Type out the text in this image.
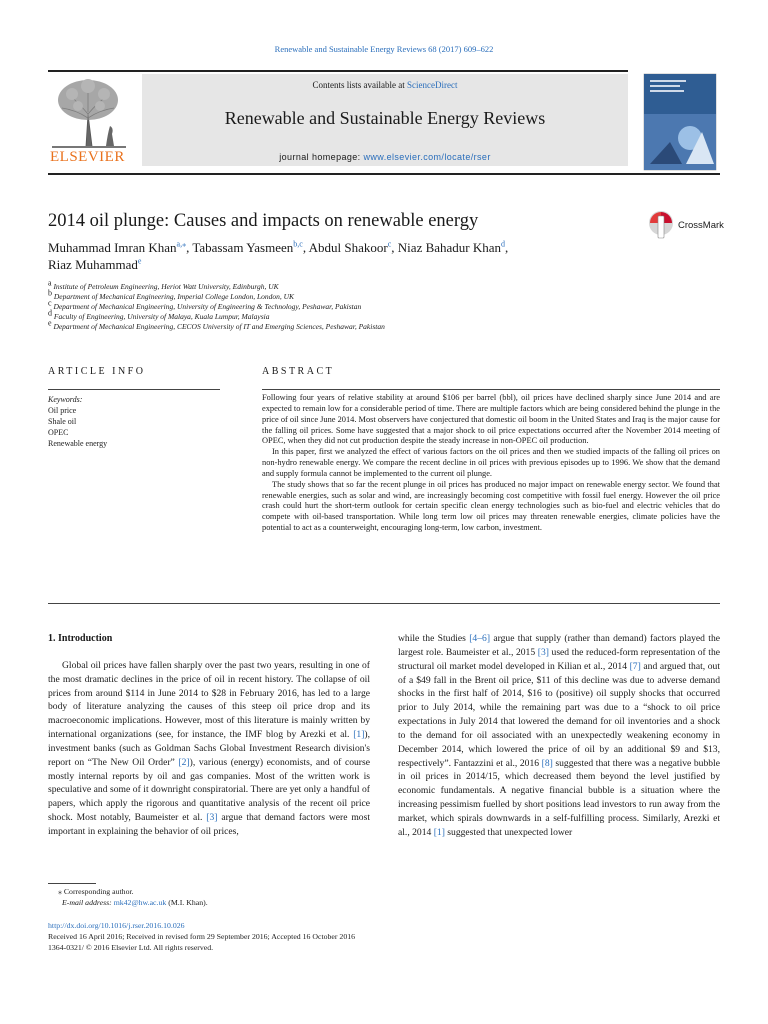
Renewable and Sustainable Energy Reviews 68 (2017) 609–622
ELSEVIER
Contents lists available at ScienceDirect
Renewable and Sustainable Energy Reviews
journal homepage: www.elsevier.com/locate/rser
2014 oil plunge: Causes and impacts on renewable energy	CrossMark
Muhammad Imran Khan$^{a,⁎}$, Tabassam Yasmeen$^{b,c}$, Abdul Shakoor$^c$, Niaz Bahadur Khan$^d$,
Riaz Muhammad$^e$
$^a$ Institute of Petroleum Engineering, Heriot Watt University, Edinburgh, UK
$^b$ Department of Mechanical Engineering, Imperial College London, London, UK
$^c$ Department of Mechanical Engineering, University of Engineering & Technology, Peshawar, Pakistan
$^d$ Faculty of Engineering, University of Malaya, Kuala Lumpur, Malaysia
$^e$ Department of Mechanical Engineering, CECOS University of IT and Emerging Sciences, Peshawar, Pakistan
ARTICLE INFO	ABSTRACT
Keywords:
Oil price
Shale oil
OPEC
Renewable energy

Following four years of relative stability at around $106 per barrel (bbl), oil prices have declined sharply since June 2014 and are expected to remain low for a considerable period of time. There are multiple factors which are being considered behind the plunge in the price of oil since June 2014. Most observers have conjectured that domestic oil boom in the United States and Iraq is the major cause for the falling oil prices. Some have suggested that a major shock to oil price expectations occurred after the November 2014 meeting of OPEC, when they did not cut production despite the steady increase in non-OPEC oil production.

In this paper, first we analyzed the effect of various factors on the oil prices and then we studied impacts of the falling oil prices on non-hydro renewable energy. We compare the recent decline in oil prices with previous episodes up to 1996. We show that the demand and supply formula cannot be implemented to the current oil plunge.

The study shows that so far the recent plunge in oil prices has produced no major impact on renewable energy sector. We found that renewable energies, such as solar and wind, are increasingly becoming cost competitive with fossil fuel energy. However the oil price crash could hurt the short-term outlook for certain specific clean energy technologies such as bio-fuel and electric vehicles that do compete with oil-based transportation. While long term low oil prices may threaten renewable energies, climate policies have the potential to act as a counterweight, encouraging long-term, low carbon, investment.

1. Introduction

Global oil prices have fallen sharply over the past two years, resulting in one of the most dramatic declines in the price of oil in recent history. The collapse of oil prices from around $114 in June 2014 to $28 in February 2016, has led to a large body of literature analyzing the causes of this steep oil price drop and its macroeconomic implications. However, most of this literature is mainly written by international organizations (see, for instance, the IMF blog by Arezki et al. [1]), investment banks (such as Goldman Sachs Global Investment Research division's report on “The New Oil Order” [2]), various (energy) economists, and of course mostly internal reports by oil and gas companies. Most of the written work is speculative and some of it downright conspiratorial. There are yet only a handful of papers, which apply the rigorous and quantitative analysis of the recent oil price shock. Most notably, Baumeister et al. [3] argue that demand factors were most important in explaining the behavior of oil prices,

while the Studies [4–6] argue that supply (rather than demand) factors played the largest role. Baumeister et al., 2015 [3] used the reduced-form representation of the structural oil market model developed in Kilian et al., 2014 [7] and argued that, out of a $49 fall in the Brent oil price, $11 of this decline was due to adverse demand shocks in the first half of 2014, $16 to (positive) oil supply shocks that occurred prior to July 2014, while the remaining part was due to a “shock to oil price expectations in July 2014 that lowered the demand for oil inventories and a shock to the demand for oil associated with an unexpectedly weakening economy in December 2014, which lowered the price of oil by an additional $9 and $13, respectively”. Fantazzini et al., 2016 [8] suggested that there was a negative bubble in oil prices in 2014/15, which decreased them beyond the level justified by economic fundamentals. A negative financial bubble is a situation where the increasing pessimism fuelled by short positions lead investors to run away from the market, which spirals downwards in a self-fulfilling process. Similarly, Arezki et al., 2014 [1] suggested that unexpected lower

⁎ Corresponding author.

E-mail address: mk42@hw.ac.uk (M.I. Khan).

http://dx.doi.org/10.1016/j.rser.2016.10.026

Received 16 April 2016; Received in revised form 29 September 2016; Accepted 16 October 2016

1364-0321/ © 2016 Elsevier Ltd. All rights reserved.
